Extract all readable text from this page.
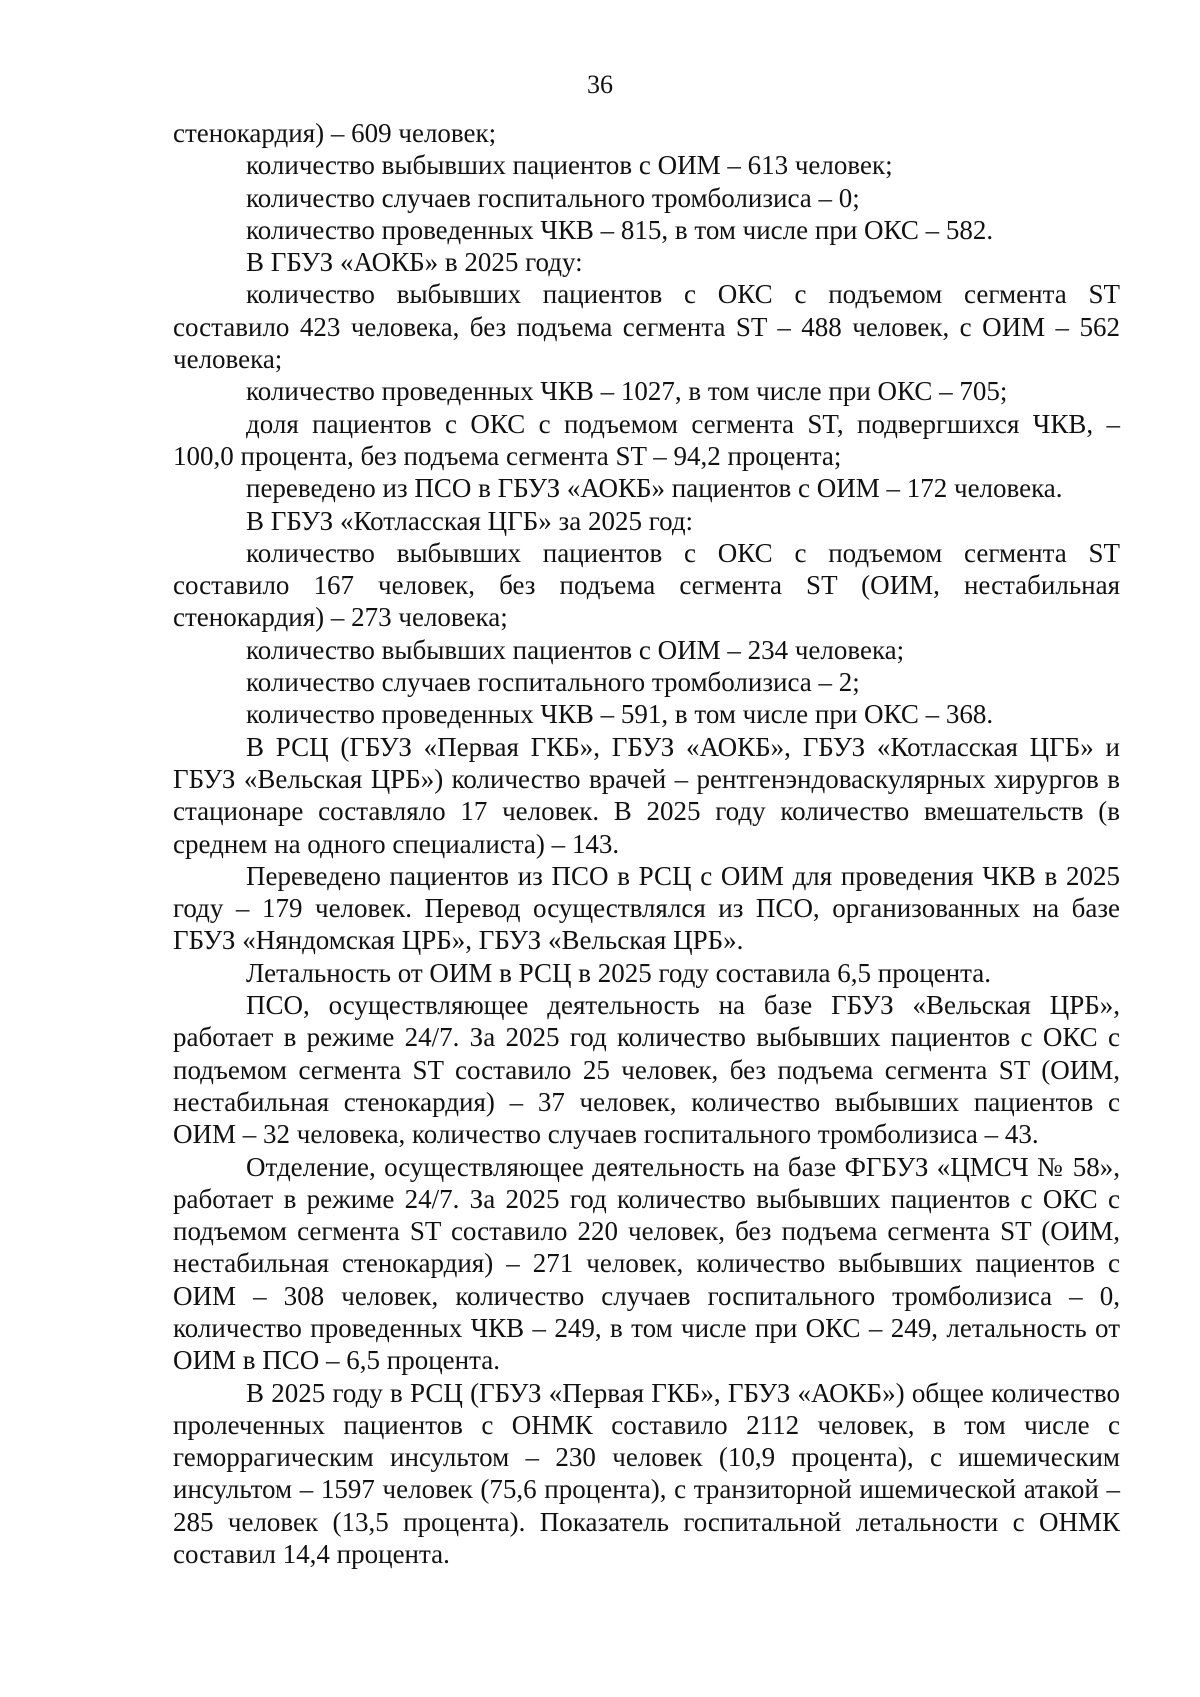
36

стенокардия) – 609 человек;

количество выбывших пациентов с ОИМ – 613 человек;

количество случаев госпитального тромболизиса – 0;

количество проведенных ЧКВ – 815, в том числе при ОКС – 582.

В ГБУЗ «АОКБ» в 2025 году:

количество выбывших пациентов с ОКС с подъемом сегмента ST составило 423 человека, без подъема сегмента ST – 488 человек, с ОИМ – 562 человека;

количество проведенных ЧКВ – 1027, в том числе при ОКС – 705;

доля пациентов с ОКС с подъемом сегмента ST, подвергшихся ЧКВ, – 100,0 процента, без подъема сегмента ST – 94,2 процента;

переведено из ПСО в ГБУЗ «АОКБ» пациентов с ОИМ – 172 человека.

В ГБУЗ «Котласская ЦГБ» за 2025 год:

количество выбывших пациентов с ОКС с подъемом сегмента ST составило 167 человек, без подъема сегмента ST (ОИМ, нестабильная стенокардия) – 273 человека;

количество выбывших пациентов с ОИМ – 234 человека;

количество случаев госпитального тромболизиса – 2;

количество проведенных ЧКВ – 591, в том числе при ОКС – 368.

В РСЦ (ГБУЗ «Первая ГКБ», ГБУЗ «АОКБ», ГБУЗ «Котласская ЦГБ» и ГБУЗ «Вельская ЦРБ») количество врачей – рентгенэндоваскулярных хирургов в стационаре составляло 17 человек. В 2025 году количество вмешательств (в среднем на одного специалиста) – 143.

Переведено пациентов из ПСО в РСЦ с ОИМ для проведения ЧКВ в 2025 году – 179 человек. Перевод осуществлялся из ПСО, организованных на базе ГБУЗ «Няндомская ЦРБ», ГБУЗ «Вельская ЦРБ».

Летальность от ОИМ в РСЦ в 2025 году составила 6,5 процента.

ПСО, осуществляющее деятельность на базе ГБУЗ «Вельская ЦРБ», работает в режиме 24/7. За 2025 год количество выбывших пациентов с ОКС с подъемом сегмента ST составило 25 человек, без подъема сегмента ST (ОИМ, нестабильная стенокардия) – 37 человек, количество выбывших пациентов с ОИМ – 32 человека, количество случаев госпитального тромболизиса – 43.

Отделение, осуществляющее деятельность на базе ФГБУЗ «ЦМСЧ № 58», работает в режиме 24/7. За 2025 год количество выбывших пациентов с ОКС с подъемом сегмента ST составило 220 человек, без подъема сегмента ST (ОИМ, нестабильная стенокардия) – 271 человек, количество выбывших пациентов с ОИМ – 308 человек, количество случаев госпитального тромболизиса – 0, количество проведенных ЧКВ – 249, в том числе при ОКС – 249, летальность от ОИМ в ПСО – 6,5 процента.

В 2025 году в РСЦ (ГБУЗ «Первая ГКБ», ГБУЗ «АОКБ») общее количество пролеченных пациентов с ОНМК составило 2112 человек, в том числе с геморрагическим инсультом – 230 человек (10,9 процента), с ишемическим инсультом – 1597 человек (75,6 процента), с транзиторной ишемической атакой – 285 человек (13,5 процента). Показатель госпитальной летальности с ОНМК составил 14,4 процента.
